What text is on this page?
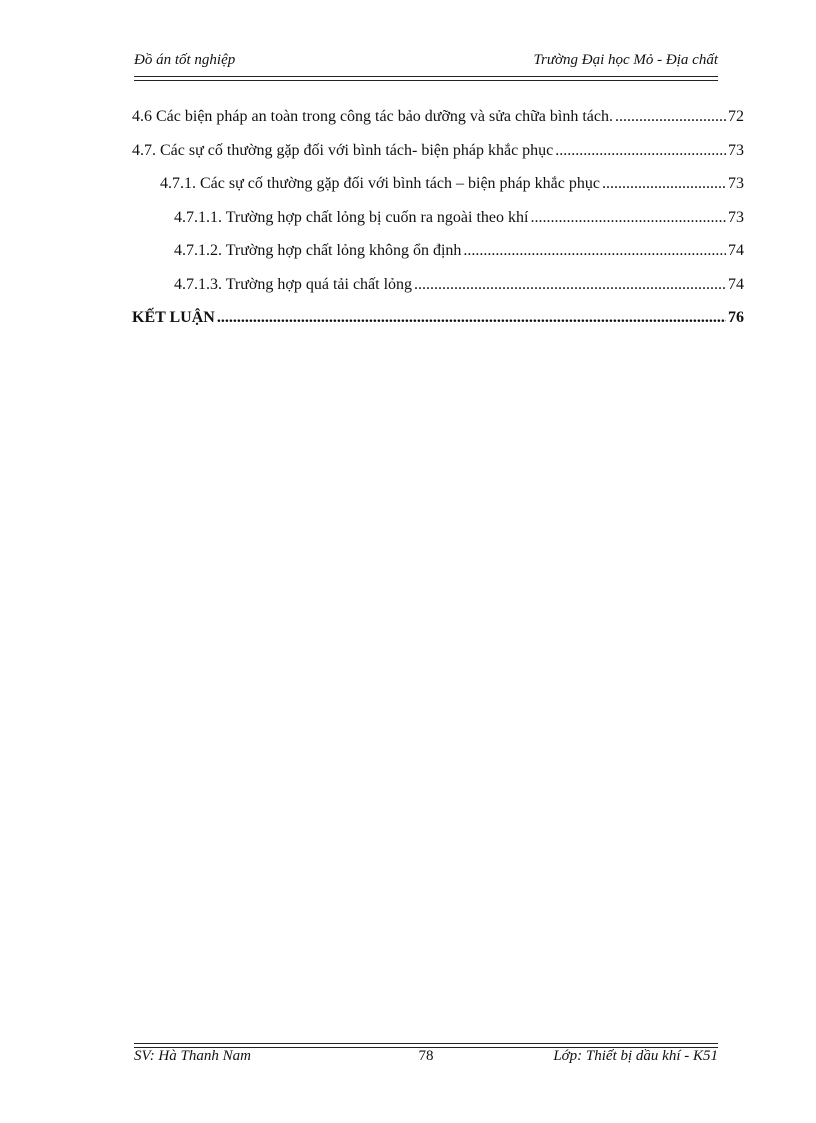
Đồ án tốt nghiệp	Trường Đại học Mỏ - Địa chất
4.6 Các biện pháp an toàn trong công tác bảo dưỡng và sửa chữa bình tách. .....	72
4.7. Các sự cố thường gặp đối với bình tách- biện pháp khắc phục .....	73
4.7.1. Các sự cố thường gặp đối với bình tách – biện pháp khắc phục .....	73
4.7.1.1. Trường hợp chất lỏng bị cuốn ra ngoài theo khí .....	73
4.7.1.2. Trường hợp chất lỏng không ổn định .....	74
4.7.1.3. Trường hợp quá tải chất lỏng .....	74
KẾT LUẬN .....	76
SV: Hà Thanh Nam	78	Lớp: Thiết bị dầu khí - K51
